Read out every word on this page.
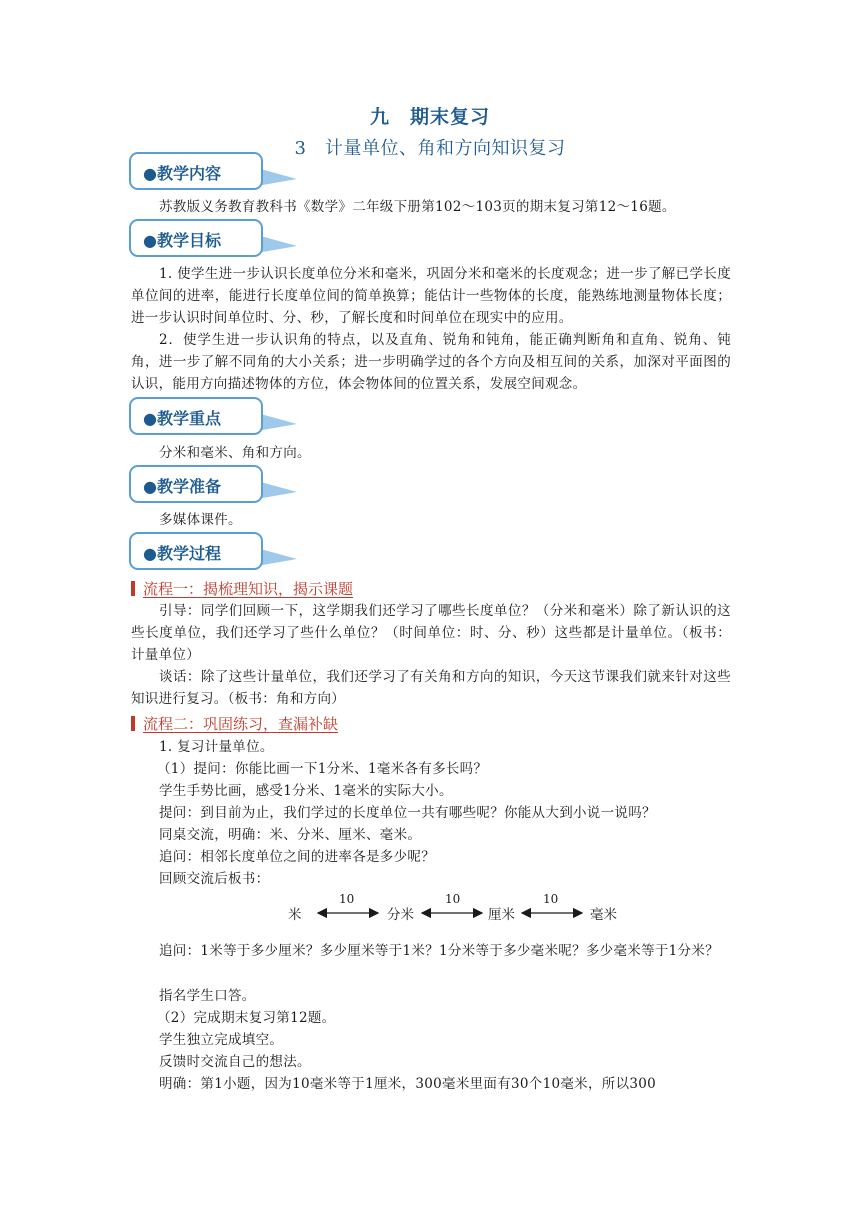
九　期末复习
3　计量单位、角和方向知识复习
●教学内容
苏教版义务教育教科书《数学》二年级下册第102～103页的期末复习第12～16题。
●教学目标
1. 使学生进一步认识长度单位分米和毫米，巩固分米和毫米的长度观念；进一步了解已学长度单位间的进率，能进行长度单位间的简单换算；能估计一些物体的长度，能熟练地测量物体长度；进一步认识时间单位时、分、秒，了解长度和时间单位在现实中的应用。
2．使学生进一步认识角的特点，以及直角、锐角和钝角，能正确判断角和直角、锐角、钝角，进一步了解不同角的大小关系；进一步明确学过的各个方向及相互间的关系，加深对平面图的认识，能用方向描述物体的方位，体会物体间的位置关系，发展空间观念。
●教学重点
分米和毫米、角和方向。
●教学准备
多媒体课件。
●教学过程
流程一：揭梳理知识，揭示课题
引导：同学们回顾一下，这学期我们还学习了哪些长度单位？（分米和毫米）除了新认识的这些长度单位，我们还学习了些什么单位？（时间单位：时、分、秒）这些都是计量单位。（板书：计量单位）
谈话：除了这些计量单位，我们还学习了有关角和方向的知识，今天这节课我们就来针对这些知识进行复习。（板书：角和方向）
流程二：巩固练习，查漏补缺
1. 复习计量单位。
（1）提问：你能比画一下1分米、1毫米各有多长吗？
学生手势比画，感受1分米、1毫米的实际大小。
提问：到目前为止，我们学过的长度单位一共有哪些呢？你能从大到小说一说吗？
同桌交流，明确：米、分米、厘米、毫米。
追问：相邻长度单位之间的进率各是多少呢？
回顾交流后板书：
米	分米	厘米	毫米
10	10	10
追问：1米等于多少厘米？多少厘米等于1米？1分米等于多少毫米呢？多少毫米等于1分米？
指名学生口答。
（2）完成期末复习第12题。
学生独立完成填空。
反馈时交流自己的想法。
明确：第1小题，因为10毫米等于1厘米，300毫米里面有30个10毫米，所以300
